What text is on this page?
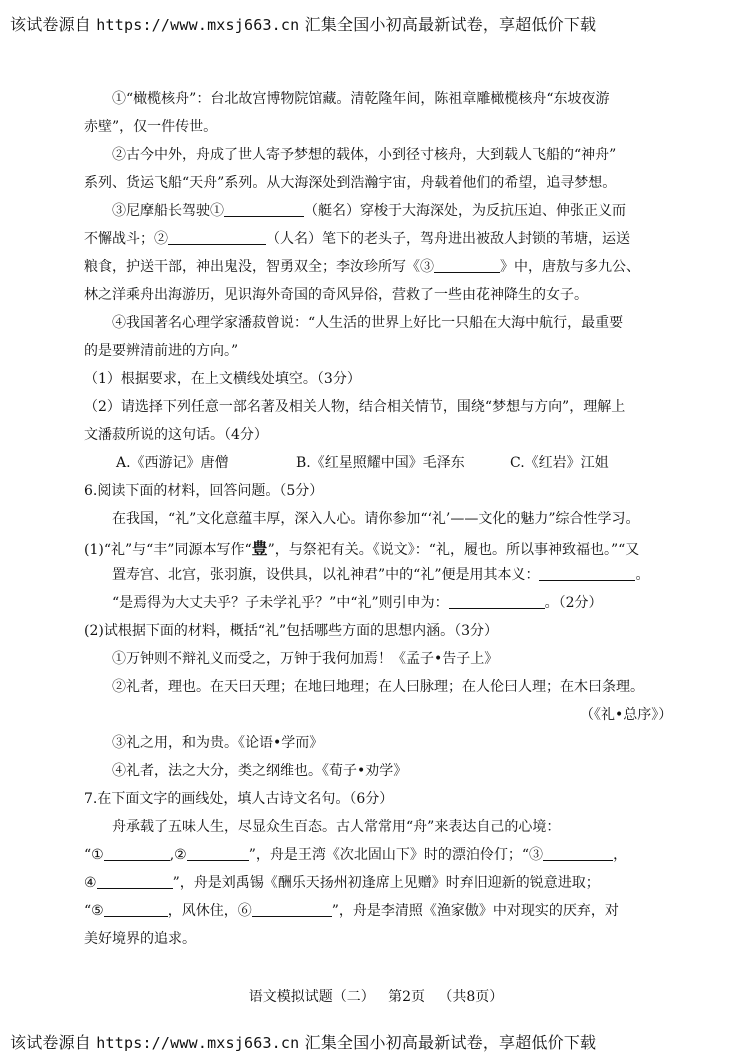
该试卷源自 https://www.mxsj663.cn 汇集全国小初高最新试卷，享超低价下载
①“橄榄核舟”：台北故宫博物院馆藏。清乾隆年间，陈祖章雕橄榄核舟“东坡夜游
赤壁”，仅一件传世。
②古今中外，舟成了世人寄予梦想的载体，小到径寸核舟，大到载人飞船的“神舟”
系列、货运飞船“天舟”系列。从大海深处到浩瀚宇宙，舟载着他们的希望，追寻梦想。
③尼摩船长驾驶①	（艇名）穿梭于大海深处，为反抗压迫、伸张正义而
不懈战斗；②	（人名）笔下的老头子，驾舟进出被敌人封锁的苇塘，运送
粮食，护送干部，神出鬼没，智勇双全；李汝珍所写《③	》中，唐敖与多九公、
林之洋乘舟出海游历，见识海外奇国的奇风异俗，营救了一些由花神降生的女子。
④我国著名心理学家潘菽曾说：“人生活的世界上好比一只船在大海中航行，最重要
的是要辨清前进的方向。”
（1）根据要求，在上文横线处填空。（3分）
（2）请选择下列任意一部名著及相关人物，结合相关情节，围绕“梦想与方向”，理解上
文潘菽所说的这句话。（4分）
A.《西游记》唐僧	B.《红星照耀中国》毛泽东	C.《红岩》江姐
6.阅读下面的材料，回答问题。（5分）
在我国，“礼”文化意蕴丰厚，深入人心。请你参加“‘礼’——文化的魅力”综合性学习。
(1)“礼”与“丰”同源本写作“豊”，与祭祀有关。《说文》：“礼，履也。所以事神致福也。”“又
置寿宫、北宫，张羽旗，设供具，以礼神君”中的“礼”便是用其本义：	。
“是焉得为大丈夫乎？子未学礼乎？”中“礼”则引申为：	。（2分）
(2)试根据下面的材料，概括“礼”包括哪些方面的思想内涵。（3分）
①万钟则不辩礼义而受之，万钟于我何加焉！《孟子•告子上》
②礼者，理也。在天曰天理；在地曰地理；在人曰脉理；在人伦曰人理；在木曰条理。
（《礼•总序》）
③礼之用，和为贵。《论语•学而》
④礼者，法之大分，类之纲维也。《荀子•劝学》
7.在下面文字的画线处，填人古诗文名句。（6分）
舟承载了五味人生，尽显众生百态。古人常常用“舟”来表达自己的心境：
“①	,②	”，舟是王湾《次北固山下》时的漂泊伶仃；“③	，
④	”，舟是刘禹锡《酬乐天扬州初逢席上见赠》时弃旧迎新的锐意进取；
“⑤	，风休住，⑥	”，舟是李清照《渔家傲》中对现实的厌弃，对
美好境界的追求。
语文模拟试题（二） 第2页 （共8页）
该试卷源自 https://www.mxsj663.cn 汇集全国小初高最新试卷，享超低价下载
